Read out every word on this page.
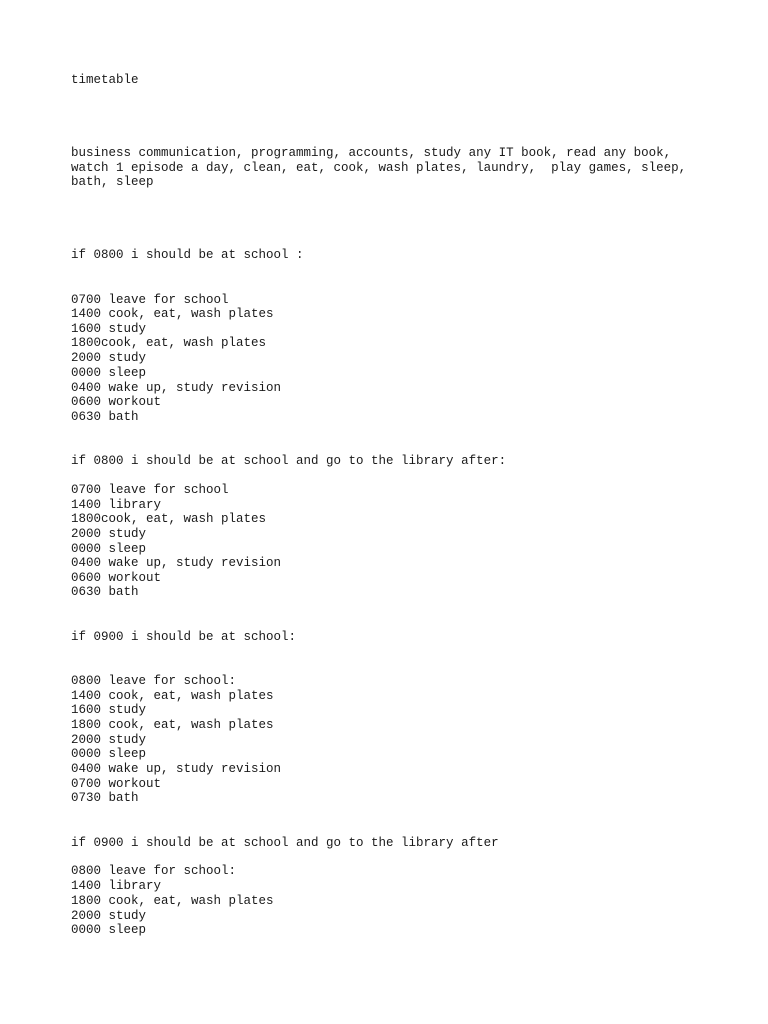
timetable
business communication, programming, accounts, study any IT book, read any book,
watch 1 episode a day, clean, eat, cook, wash plates, laundry,  play games, sleep,
bath, sleep
if 0800 i should be at school :
0700 leave for school
1400 cook, eat, wash plates
1600 study
1800cook, eat, wash plates
2000 study
0000 sleep
0400 wake up, study revision
0600 workout
0630 bath
if 0800 i should be at school and go to the library after:
0700 leave for school
1400 library
1800cook, eat, wash plates
2000 study
0000 sleep
0400 wake up, study revision
0600 workout
0630 bath
if 0900 i should be at school:
0800 leave for school:
1400 cook, eat, wash plates
1600 study
1800 cook, eat, wash plates
2000 study
0000 sleep
0400 wake up, study revision
0700 workout
0730 bath
if 0900 i should be at school and go to the library after
0800 leave for school:
1400 library
1800 cook, eat, wash plates
2000 study
0000 sleep
